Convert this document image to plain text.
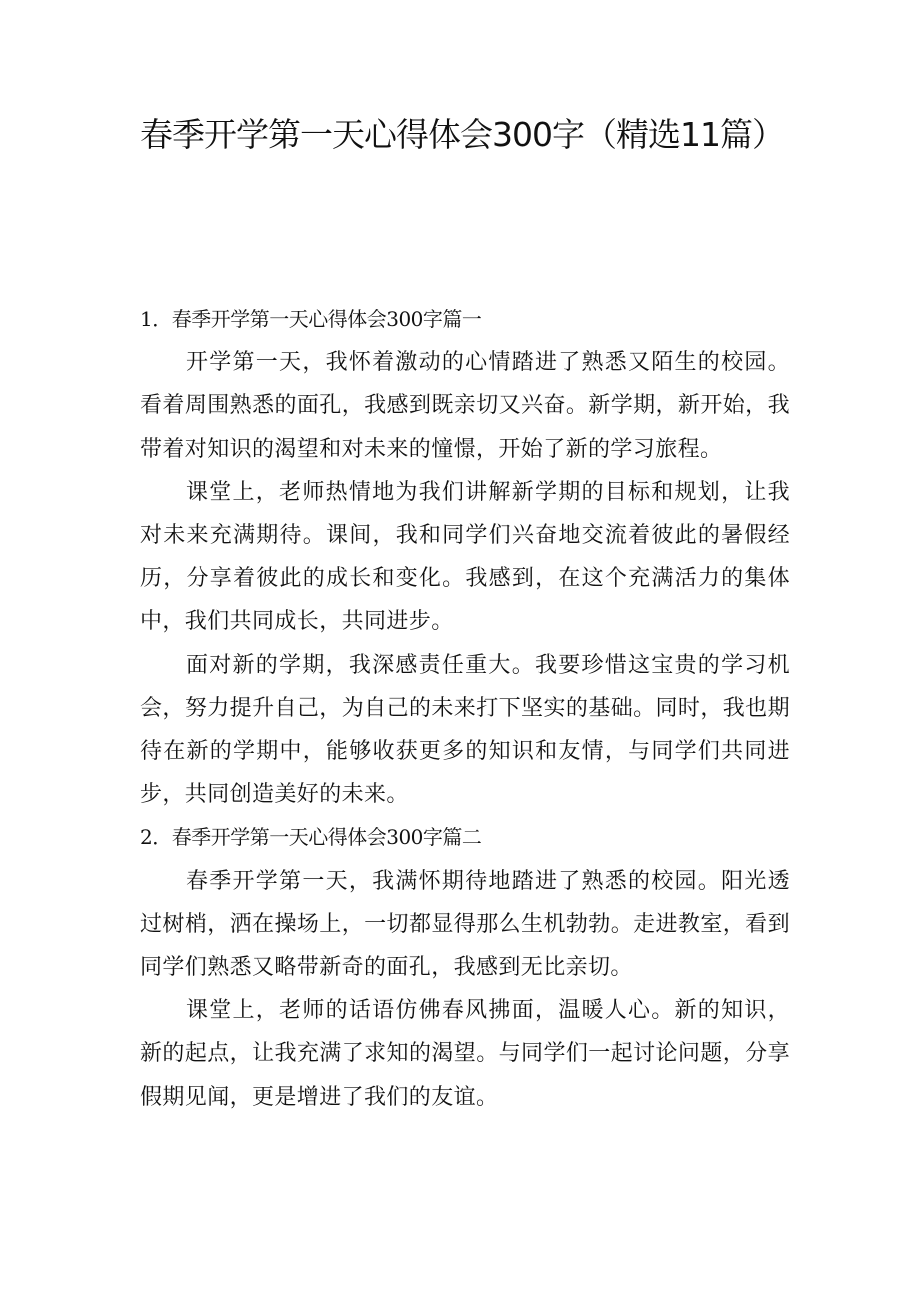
春季开学第一天心得体会300字（精选11篇）

1．春季开学第一天心得体会300字篇一

开学第一天，我怀着激动的心情踏进了熟悉又陌生的校园。看着周围熟悉的面孔，我感到既亲切又兴奋。新学期，新开始，我带着对知识的渴望和对未来的憧憬，开始了新的学习旅程。

课堂上，老师热情地为我们讲解新学期的目标和规划，让我对未来充满期待。课间，我和同学们兴奋地交流着彼此的暑假经历，分享着彼此的成长和变化。我感到，在这个充满活力的集体中，我们共同成长，共同进步。

面对新的学期，我深感责任重大。我要珍惜这宝贵的学习机会，努力提升自己，为自己的未来打下坚实的基础。同时，我也期待在新的学期中，能够收获更多的知识和友情，与同学们共同进步，共同创造美好的未来。

2．春季开学第一天心得体会300字篇二

春季开学第一天，我满怀期待地踏进了熟悉的校园。阳光透过树梢，洒在操场上，一切都显得那么生机勃勃。走进教室，看到同学们熟悉又略带新奇的面孔，我感到无比亲切。

课堂上，老师的话语仿佛春风拂面，温暖人心。新的知识，新的起点，让我充满了求知的渴望。与同学们一起讨论问题，分享假期见闻，更是增进了我们的友谊。
